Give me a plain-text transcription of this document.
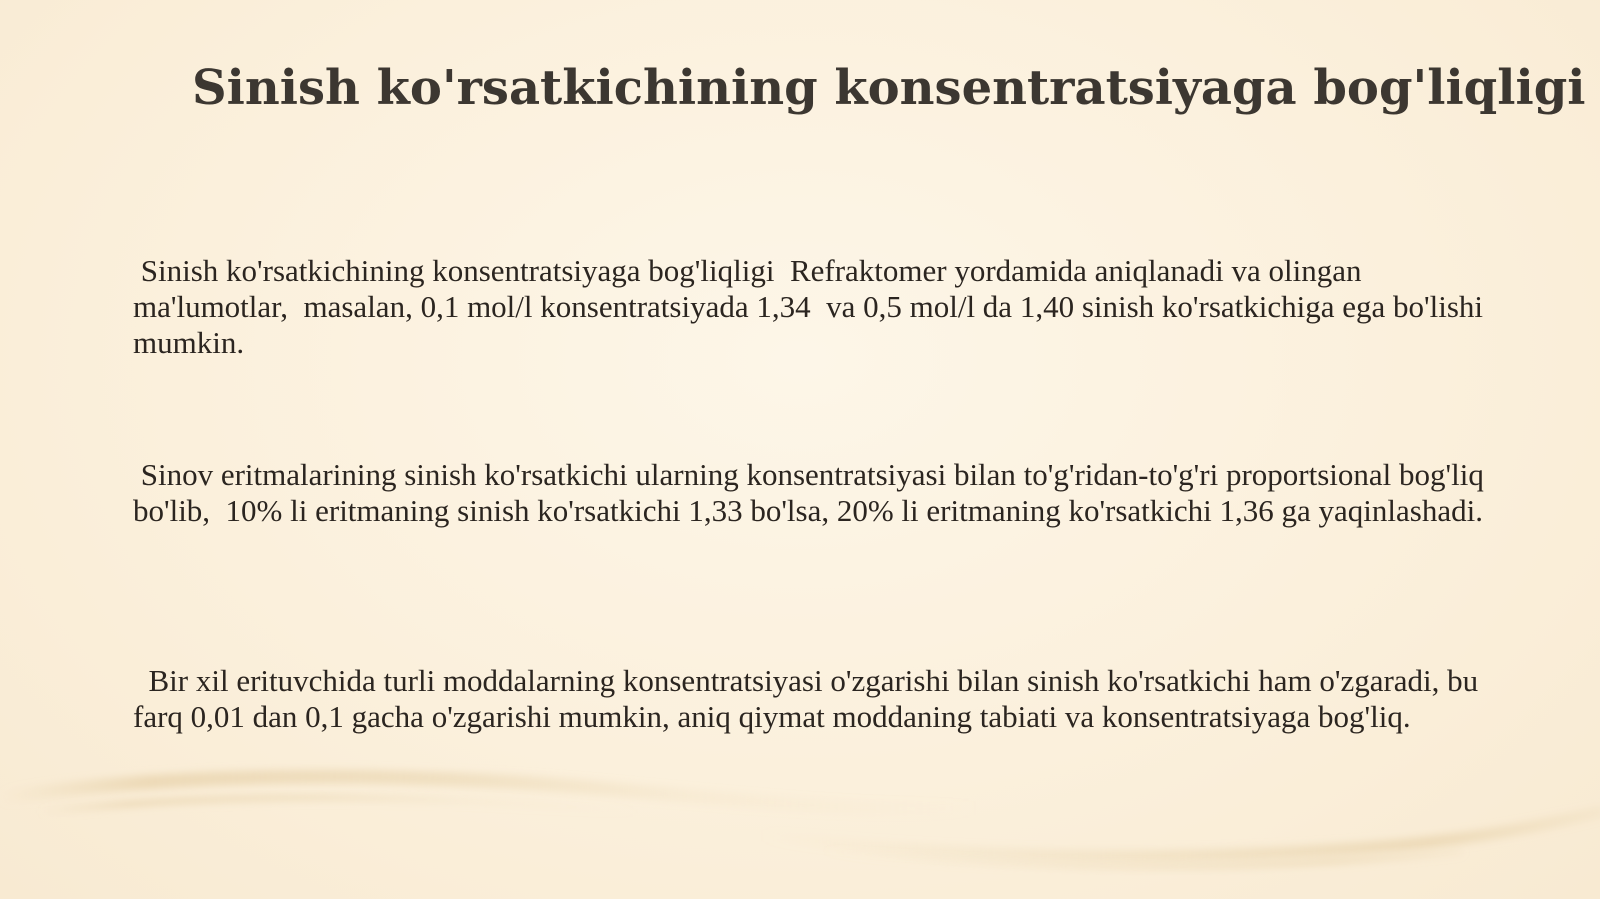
Sinish ko'rsatkichining konsentratsiyaga bog'liqligi

Sinish ko'rsatkichining konsentratsiyaga bog'liqligi  Refraktomer yordamida aniqlanadi va olingan ma'lumotlar,  masalan, 0,1 mol/l konsentratsiyada 1,34  va 0,5 mol/l da 1,40 sinish ko'rsatkichiga ega bo'lishi mumkin.

Sinov eritmalarining sinish ko'rsatkichi ularning konsentratsiyasi bilan to'g'ridan-to'g'ri proportsional bog'liq bo'lib,  10% li eritmaning sinish ko'rsatkichi 1,33 bo'lsa, 20% li eritmaning ko'rsatkichi 1,36 ga yaqinlashadi.

Bir xil erituvchida turli moddalarning konsentratsiyasi o'zgarishi bilan sinish ko'rsatkichi ham o'zgaradi, bu farq 0,01 dan 0,1 gacha o'zgarishi mumkin, aniq qiymat moddaning tabiati va konsentratsiyaga bog'liq.
